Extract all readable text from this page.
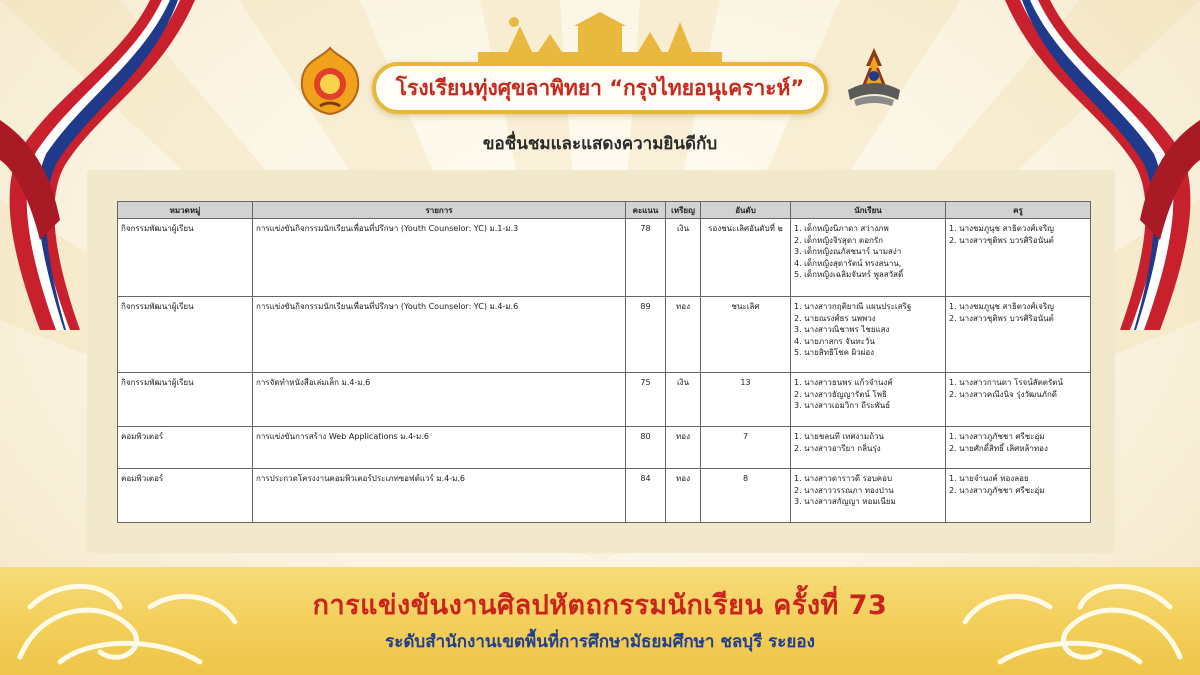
โรงเรียนทุ่งศุขลาพิทยา “กรุงไทยอนุเคราะห์”
ขอชื่นชมและแสดงความยินดีกับ
หมวดหมู่	รายการ	คะแนน	เหรียญ	อันดับ	นักเรียน	ครู
กิจกรรมพัฒนาผู้เรียน	การแข่งขันกิจกรรมนักเรียนเพื่อนที่ปรึกษา (Youth Counselor: YC) ม.1-ม.3	78	เงิน	รองชนะเลิศอันดับที่ ๒	1. เด็กหญิงนิภาดา สว่างภพ
2. เด็กหญิงจิรสุดา ดอกรัก
3. เด็กหญิงณภัสชนาร์ นามสง่า
4. เด็กหญิงสุดารัตน์ ทรงสนาน,
5. เด็กหญิงเฉลิมจันทร์ พูลสวัสดิ์	1. นางชมภูนุช สาธิตวงศ์เจริญ
2. นางสาวชุติพร บวรศิริอนันต์

กิจกรรมพัฒนาผู้เรียน	การแข่งขันกิจกรรมนักเรียนเพื่อนที่ปรึกษา (Youth Counselor: YC) ม.4-ม.6	89	ทอง	ชนะเลิศ	1. นางสาวกฤติยาณี แผนประเสริฐ
2. นายณรงศ์ธร นพพวง
3. นางสาวณิชาพร ไชยแสง
4. นายภาสกร จันทะวัน
5. นายสิทธิโชค ผิวผ่อง	1. นางชมภูนุช สาธิตวงศ์เจริญ
2. นางสาวชุติพร บวรศิริอนันต์

กิจกรรมพัฒนาผู้เรียน	การจัดทำหนังสือเล่มเล็ก ม.4-ม.6	75	เงิน	13	1. นางสาวธนพร แก้วจำนงค์
2. นางสาวธัญญารัตน์ โพธิ
3. นางสาวเอมวิกา ถีระพันธ์	1. นางสาวกานดา โรจน์สัตตรัตน์
2. นางสาวคณึงนิจ รุ่งวัฒนภักดี

คอมพิวเตอร์	การแข่งขันการสร้าง Web Applications ม.4-ม.6	80	ทอง	7	1. นายชลนที เทศงามถ้วน
2. นางสาวอารียา กลิ่นรุ่ง	1. นางสาวภูภัชชา ศรีชะอุ่ม
2. นายศักดิ์สิทธิ์ เลิศหล้าทอง

คอมพิวเตอร์	การประกวดโครงงานคอมพิวเตอร์ประเภทซอฟต์แวร์ ม.4-ม.6	84	ทอง	8	1. นางสาวดาราวดี รอบคอบ
2. นางสาววรรณภา ทองปาน
3. นางสาวสกัญญา หอมเนียม	1. นายจำนงค์ ทองลอย
2. นางสาวภูภัชชา ศรีชะอุ่ม
การแข่งขันงานศิลปหัตถกรรมนักเรียน ครั้งที่ 73
ระดับสำนักงานเขตพื้นที่การศึกษามัธยมศึกษา ชลบุรี ระยอง
